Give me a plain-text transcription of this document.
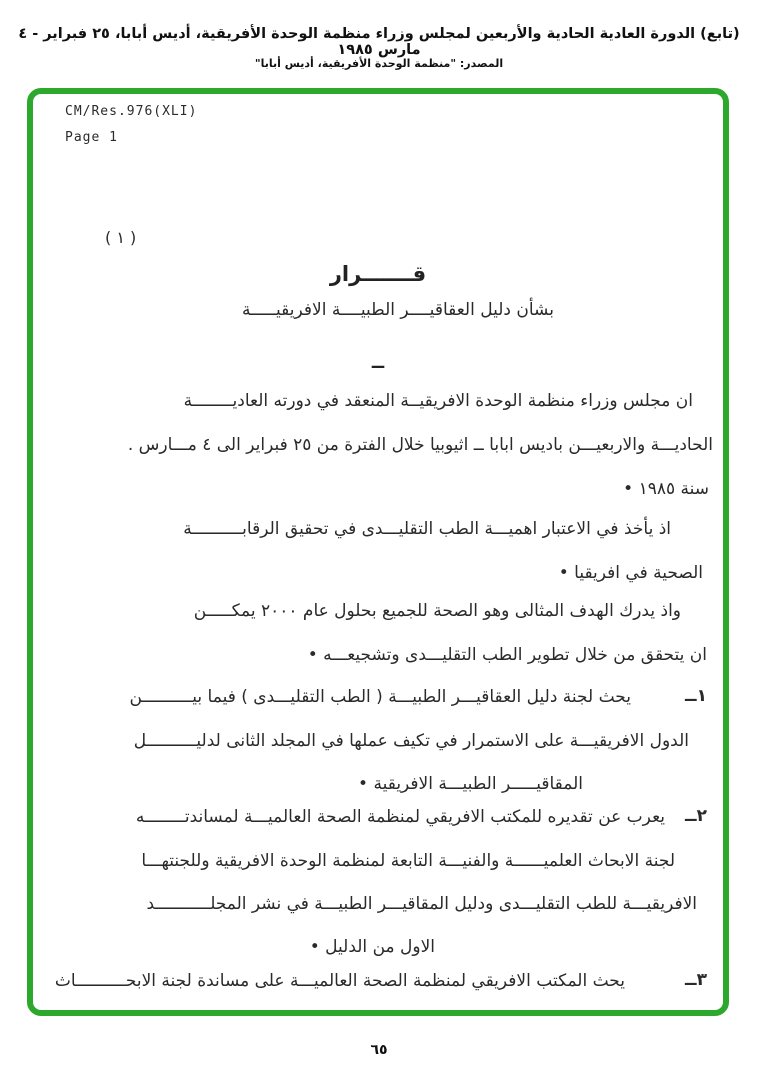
(تابع) الدورة العادية الحادية والأربعين لمجلس وزراء منظمة الوحدة الأفريقية، أديس أبابا، ٢٥ فبراير - ٤ مارس ١٩٨٥
المصدر: "منظمة الوحدة الأفريقية، أديس أبابا"
CM/Res.976(XLI)
Page 1
( ١ )
قـــــــرار
بشأن دليل العقاقيــــر الطبيــــة الافريقيـــــة
ــ
ان مجلس وزراء منظمة الوحدة الافريقيــة المنعقد في دورته العاديــــــــة
الحاديـــة والاربعيـــن باديس ابابا ــ اثيوبيا خلال الفترة من ٢٥ فبراير الى ٤ مـــارس .
سنة ١٩٨٥ •
اذ يأخذ في الاعتبار اهميـــة الطب التقليـــدى في تحقيق الرقابــــــــــة
الصحية في افريقيا •
واذ يدرك الهدف المثالى وهو الصحة للجميع بحلول عام ٢٠٠٠ يمكـــــن
ان يتحقق من خلال تطوير الطب التقليـــدى وتشجيعـــه •
١ــ
يحث لجنة دليل العقاقيـــر الطبيـــة ( الطب التقليـــدى ) فيما بيــــــــــن
الدول الافريقيـــة على الاستمرار في تكيف عملها في المجلد الثانى لدليــــــــــل
المقاقيـــــر الطبيـــة الافريقية •
٢ــ
يعرب عن تقديره للمكتب الافريقي لمنظمة الصحة العالميـــة لمساندتــــــــه
لجنة الابحاث العلميــــــة والفنيـــة التابعة لمنظمة الوحدة الافريقية وللجنتهـــا
الافريقيـــة للطب التقليـــدى ودليل المقاقيـــر الطبيـــة في نشر المجلـــــــــــد
الاول من الدليل •
٣ــ
يحث المكتب الافريقي لمنظمة الصحة العالميـــة على مساندة لجنة الابحــــــــــاث
٦٥
